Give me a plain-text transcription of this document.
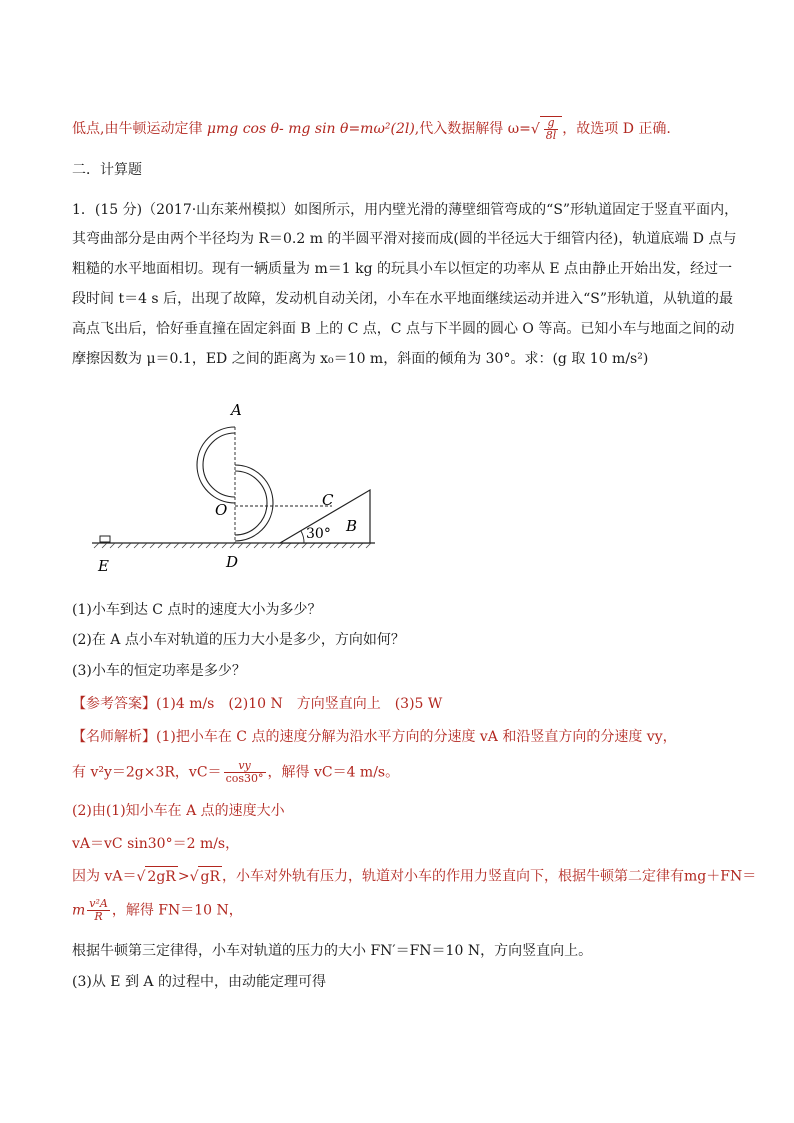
低点,由牛顿运动定律 μmg cos θ- mg sin θ=mω²(2l),代入数据解得 $\omega=√ \frac{g}{8l}$ ，故选项 D 正确.
二．计算题
1．(15 分)（2017·山东莱州模拟）如图所示，用内壁光滑的薄壁细管弯成的“S”形轨道固定于竖直平面内，
其弯曲部分是由两个半径均为 R＝0.2 m 的半圆平滑对接而成(圆的半径远大于细管内径)，轨道底端 D 点与
粗糙的水平地面相切。现有一辆质量为 m＝1 kg 的玩具小车以恒定的功率从 E 点由静止开始出发，经过一
段时间 t＝4 s 后，出现了故障，发动机自动关闭，小车在水平地面继续运动并进入“S”形轨道，从轨道的最
高点飞出后，恰好垂直撞在固定斜面 B 上的 C 点，C 点与下半圆的圆心 O 等高。已知小车与地面之间的动
摩擦因数为 μ＝0.1，ED 之间的距离为 x₀＝10 m，斜面的倾角为 30°。求：(g 取 10 m/s²)
A
O
C
B
D
E
30°
(1)小车到达 C 点时的速度大小为多少？
(2)在 A 点小车对轨道的压力大小是多少，方向如何？
(3)小车的恒定功率是多少？
【参考答案】(1)4 m/s　(2)10 N　方向竖直向上　(3)5 W
【名师解析】(1)把小车在 C 点的速度分解为沿水平方向的分速度 vA 和沿竖直方向的分速度 vy，
有 v²y＝2g×3R，$vC= \frac{vy}{\cos 30^\circ}$ ，解得 vC＝4 m/s。
(2)由(1)知小车在 A 点的速度大小
vA＝vC sin30°＝2 m/s，
因为 vA＝√ 2gR >√ gR ，小车对外轨有压力，轨道对小车的作用力竖直向下，根据牛顿第二定律有mg＋FN＝
m $\frac{\text{v²A}}{R}$ ，解得 FN＝10 N，
根据牛顿第三定律得，小车对轨道的压力的大小 FN′＝FN＝10 N，方向竖直向上。
(3)从 E 到 A 的过程中，由动能定理可得
